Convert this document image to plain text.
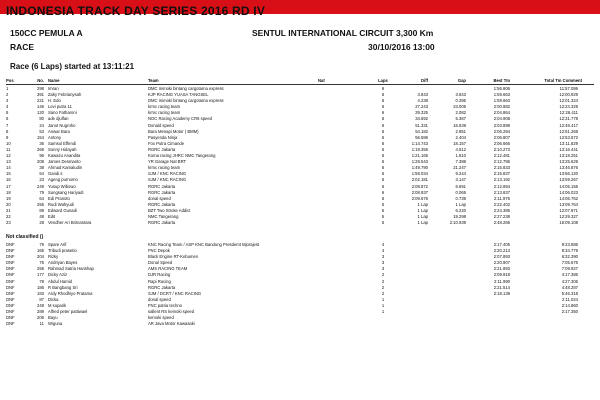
INDONESIA TRACK DAY SERIES 2016 RD IV
150CC PEMULA A	SENTUL INTERNATIONAL CIRCUIT 3,300 Km
RACE	30/10/2016 13:00
Race (6 Laps) started at 13:11:21
Pos	No. Name	Team	Nat	Laps	Diff	Gap	Best Tm	Total Tm Comment
1	298 Imran	DMC mimoki bintang cargotama express	6	1:56.606	11:57.086
2	391 Zaky Febrianysah	KJP RACING YUASA TANGSEL	6	3.843	3.843	1:59.663	12:00.929
3	221 H. Edo	DMC mimoki bintang cargotama express	6	4.238	0.395	1:59.663	12:01.324
4	146 Levi putra 11	krmc racing team	6	27.243	23.005	2:00.882	12:24.329
5	120 Sano Fatharoni	krmc racing team	6	29.325	2.082	2:04.864	12:26.411
6	80 ade djulfan	NOC Racing Academy CR6 speed	6	34.692	5.367	2:04.908	12:31.778
7	24 Janot Nugroho	Donald speed	6	51.331	16.639	2:03.898	12:48.417
8	53 Anwar Bara	Bara Menapi Motor ( BMM)	6	54.182	2.851	2:06.294	12:51.268
9	154 Antony	Pasyenda Ninja	6	56.586	2.404	2:06.807	12:53.672
10	36 Samsul Effendi	Fox Putra Cimande	6	1:14.743	18.157	2:06.666	13:11.829
11	266 Sonny Hidayah	RGRC Jakarta	6	1:19.355	4.612	2:10.273	13:16.441
12	96 Kawazu Anandita	Koma racing JHRC NMC Tangerang	6	1:21.165	1.810	2:12.481	13:18.251
13	208 James Desmanto	YR Garage Nat BRT	6	1:28.543	7.388	2:12.796	13:25.629
14	38 Ahmad Kamaludin	krmc racing team	6	1:49.790	21.247	2:15.833	13:46.876
15	54 Gandi.s	SJM / KNC RACING	6	1:59.034	9.244	2:15.837	13:56.120
16	23 Ageng purnomo	SJM / KNC RACING	6	2:02.181	3.147	2:13.192	13:59.267
17	249 Yusup Wibowo	RGRC Jakarta	6	2:08.872	6.691	2:12.894	14:05.155
18	79 Sungsang Hariyadi	RGRC Jakarta	6	2:08.937	0.065	2:13.837	14:06.023
19	64 Edi Pranoto	donal speed	6	2:09.676	0.739	2:11.976	14:06.762
20	255 Rudi Wahyudi	RGRC Jakarta	5	1 Lap	1 Lap	2:22.402	13:09.764
21	89 Edward Gunadi	BZT Two Stroke Addict	5	1 Lap	6.220	2:24.385	12:07.971
22	48 Edit	NMC Tangerang	5	1 Lap	19.298	2:27.238	12:29.327
23	28 Vendher Ari Brimantara	RGRC Jakarta	5	1 Lap	2:10.939	2:48.266	16:09.108
Not classified ()
DNF	79 Spare Arif	KNC Racing Team / ASP KNC Bandung Presdemt Mjorajest	4	2:17.405	9:23.886
DNF	165 Tribudi prasetio	FNC Depok	4	2:20.213	8:34.779
DNF	204 Rizky	Black Engine RT-Kebumen	3	2:07.893	6:32.390
DNF	76 Andriyan Bayes	Donal Speed	3	2:20.907	7:05.676
DNF	258 Rahmad Satria Hanshap	AMS RACING TEAM	3	2:21.893	7:09.927
DNF	177 Dicky Aziz	DJR Racing	2	2:09.918	4:17.386
DNF	78 Abdul Hamid	Rapi Racing	2	2:11.990	4:27.306
DNF	186 R Bangbang Sri	RGRC Jakarta	2	2:21.514	4:48.287
DNF	183 Ardy Rhodhiyo Pratama	SJM / DCRT / KNC RACING	2	2:18.139	5:46.318
DNF	87 Dicka	donal speed	1	2:11.024
DNF	249 M suparik	FNC patria techno	1	2:14.860
DNF	289 Alfred peter pattiwael	sallent RS kemoki speed	1	2:17.350
DNF	206 Bayu	kemoki speed
DNF	11 Wiguna	AR Java Motor Kawasaki
